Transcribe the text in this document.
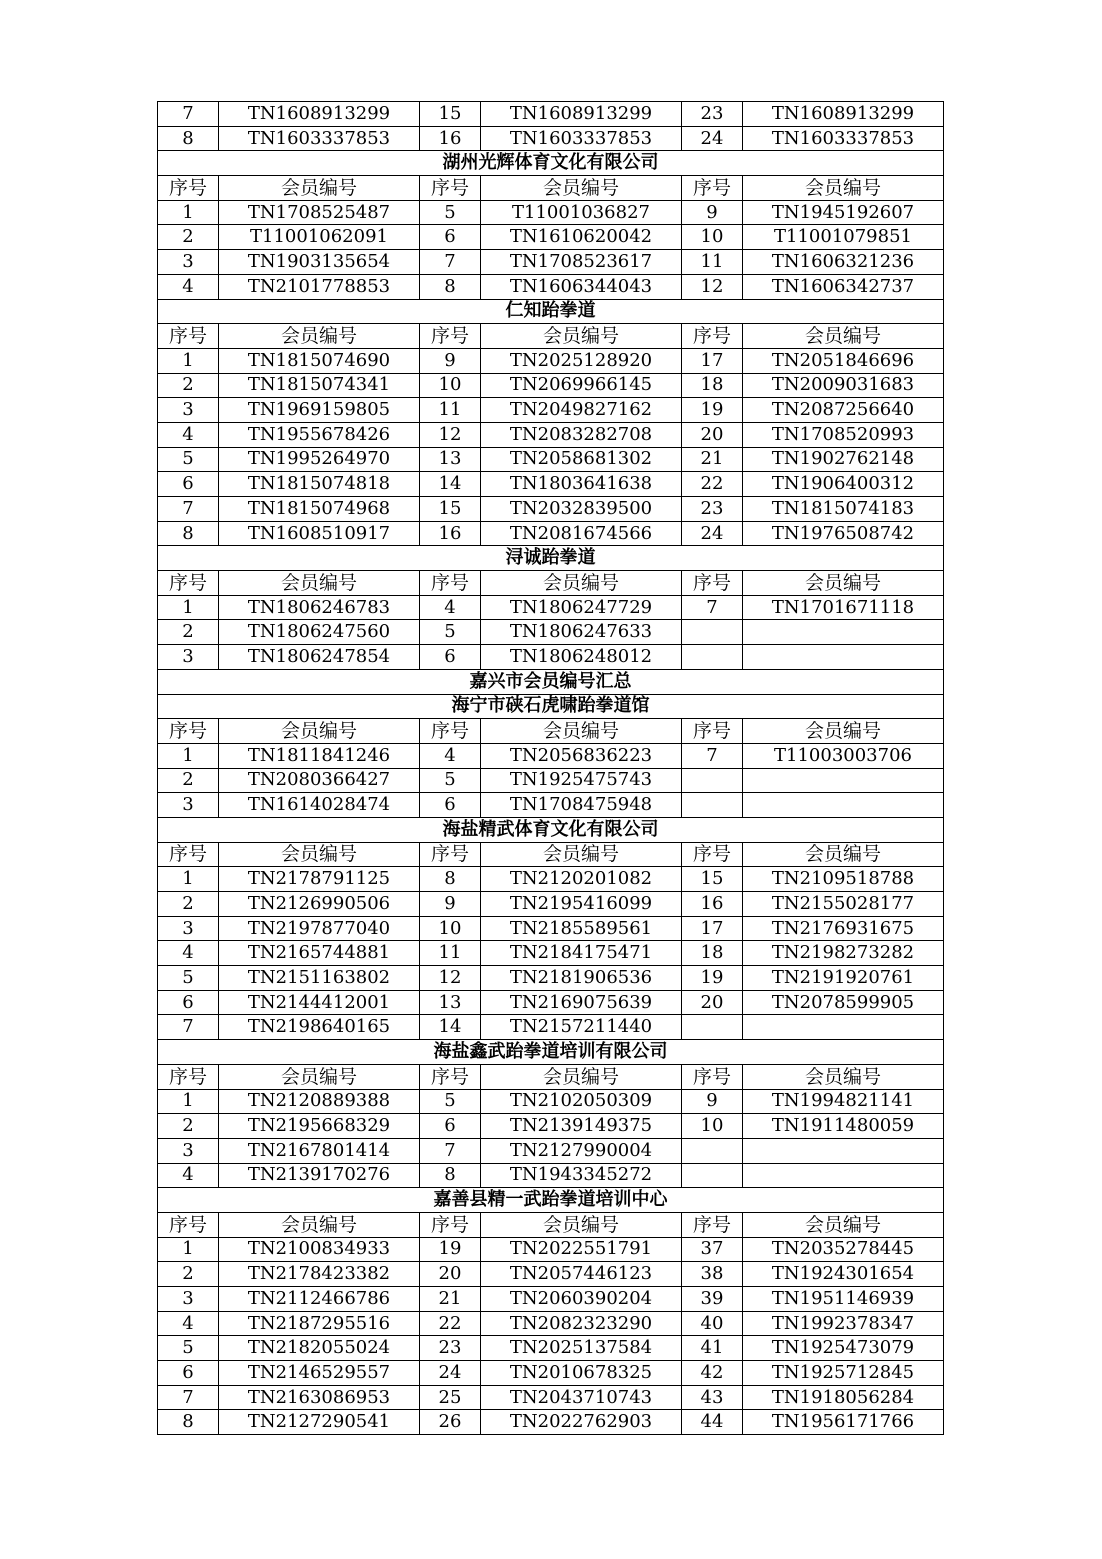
7	TN1608913299	15	TN1608913299	23	TN1608913299
8	TN1603337853	16	TN1603337853	24	TN1603337853
湖州光辉体育文化有限公司					
序号	会员编号	序号	会员编号	序号	会员编号
1	TN1708525487	5	T11001036827	9	TN1945192607
2	T11001062091	6	TN1610620042	10	T11001079851
3	TN1903135654	7	TN1708523617	11	TN1606321236
4	TN2101778853	8	TN1606344043	12	TN1606342737
仁知跆拳道					
序号	会员编号	序号	会员编号	序号	会员编号
1	TN1815074690	9	TN2025128920	17	TN2051846696
2	TN1815074341	10	TN2069966145	18	TN2009031683
3	TN1969159805	11	TN2049827162	19	TN2087256640
4	TN1955678426	12	TN2083282708	20	TN1708520993
5	TN1995264970	13	TN2058681302	21	TN1902762148
6	TN1815074818	14	TN1803641638	22	TN1906400312
7	TN1815074968	15	TN2032839500	23	TN1815074183
8	TN1608510917	16	TN2081674566	24	TN1976508742
浔诚跆拳道					
序号	会员编号	序号	会员编号	序号	会员编号
1	TN1806246783	4	TN1806247729	7	TN1701671118
2	TN1806247560	5	TN1806247633		
3	TN1806247854	6	TN1806248012		
嘉兴市会员编号汇总					
海宁市硖石虎啸跆拳道馆					
序号	会员编号	序号	会员编号	序号	会员编号
1	TN1811841246	4	TN2056836223	7	T11003003706
2	TN2080366427	5	TN1925475743		
3	TN1614028474	6	TN1708475948		
海盐精武体育文化有限公司					
序号	会员编号	序号	会员编号	序号	会员编号
1	TN2178791125	8	TN2120201082	15	TN2109518788
2	TN2126990506	9	TN2195416099	16	TN2155028177
3	TN2197877040	10	TN2185589561	17	TN2176931675
4	TN2165744881	11	TN2184175471	18	TN2198273282
5	TN2151163802	12	TN2181906536	19	TN2191920761
6	TN2144412001	13	TN2169075639	20	TN2078599905
7	TN2198640165	14	TN2157211440		
海盐鑫武跆拳道培训有限公司					
序号	会员编号	序号	会员编号	序号	会员编号
1	TN2120889388	5	TN2102050309	9	TN1994821141
2	TN2195668329	6	TN2139149375	10	TN1911480059
3	TN2167801414	7	TN2127990004		
4	TN2139170276	8	TN1943345272		
嘉善县精一武跆拳道培训中心					
序号	会员编号	序号	会员编号	序号	会员编号
1	TN2100834933	19	TN2022551791	37	TN2035278445
2	TN2178423382	20	TN2057446123	38	TN1924301654
3	TN2112466786	21	TN2060390204	39	TN1951146939
4	TN2187295516	22	TN2082323290	40	TN1992378347
5	TN2182055024	23	TN2025137584	41	TN1925473079
6	TN2146529557	24	TN2010678325	42	TN1925712845
7	TN2163086953	25	TN2043710743	43	TN1918056284
8	TN2127290541	26	TN2022762903	44	TN1956171766
